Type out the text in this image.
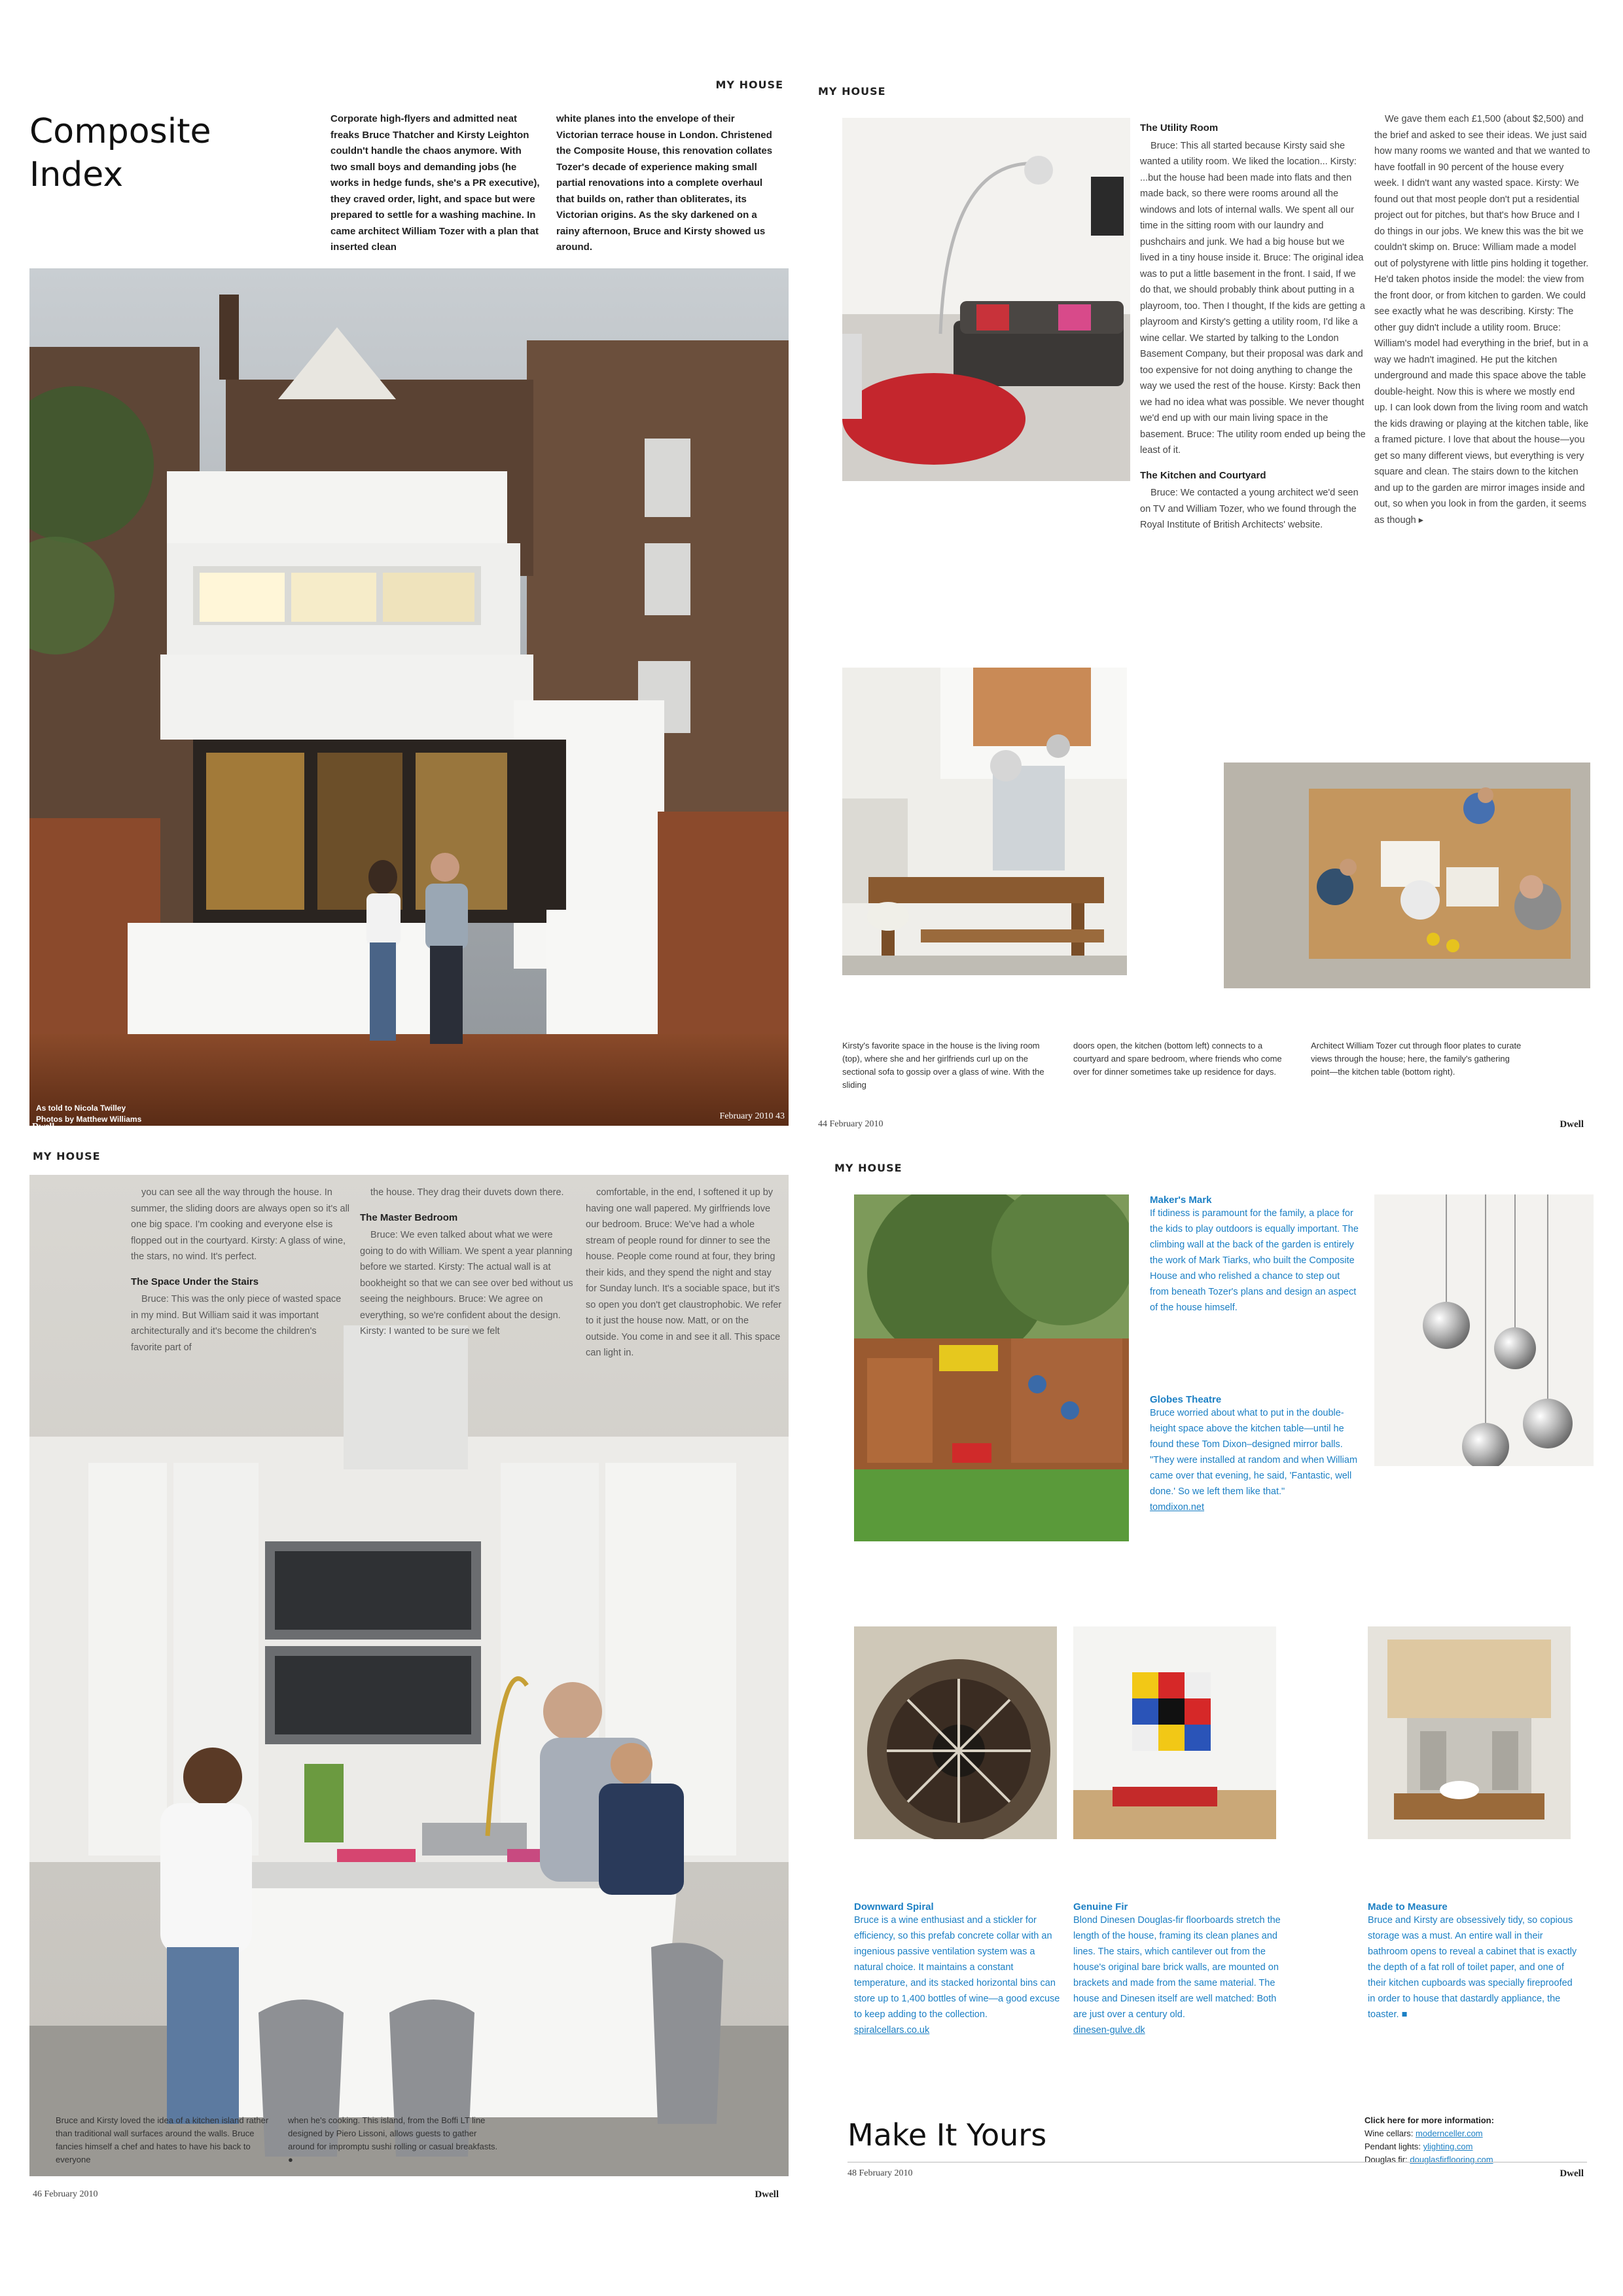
MY HOUSE
Composite
Index
Corporate high-flyers and admitted neat freaks Bruce Thatcher and Kirsty Leighton couldn't handle the chaos anymore. With two small boys and demanding jobs (he works in hedge funds, she's a PR executive), they craved order, light, and space but were prepared to settle for a washing machine. In came architect William Tozer with a plan that inserted clean
white planes into the envelope of their Victorian terrace house in London. Christened the Composite House, this renovation collates Tozer's decade of experience making small partial renovations into a complete overhaul that builds on, rather than obliterates, its Victorian origins. As the sky darkened on a rainy afternoon, Bruce and Kirsty showed us around.
As told to Nicola Twilley
Photos by Matthew Williams
Dwell
February 2010 43
MY HOUSE
The Utility Room

Bruce: This all started because Kirsty said she wanted a utility room. We liked the location... Kirsty: ...but the house had been made into flats and then made back, so there were rooms around all the windows and lots of internal walls. We spent all our time in the sitting room with our laundry and pushchairs and junk. We had a big house but we lived in a tiny house inside it. Bruce: The original idea was to put a little basement in the front. I said, If we do that, we should probably think about putting in a playroom, too. Then I thought, If the kids are getting a playroom and Kirsty's getting a utility room, I'd like a wine cellar. We started by talking to the London Basement Company, but their proposal was dark and too expensive for not doing anything to change the way we used the rest of the house. Kirsty: Back then we had no idea what was possible. We never thought we'd end up with our main living space in the basement. Bruce: The utility room ended up being the least of it.

The Kitchen and Courtyard

Bruce: We contacted a young architect we'd seen on TV and William Tozer, who we found through the Royal Institute of British Architects' website.

We gave them each £1,500 (about $2,500) and the brief and asked to see their ideas. We just said how many rooms we wanted and that we wanted to have footfall in 90 percent of the house every week. I didn't want any wasted space. Kirsty: We found out that most people don't put a residential project out for pitches, but that's how Bruce and I do things in our jobs. We knew this was the bit we couldn't skimp on. Bruce: William made a model out of polystyrene with little pins holding it together. He'd taken photos inside the model: the view from the front door, or from kitchen to garden. We could see exactly what he was describing. Kirsty: The other guy didn't include a utility room. Bruce: William's model had everything in the brief, but in a way we hadn't imagined. He put the kitchen underground and made this space above the table double-height. Now this is where we mostly end up. I can look down from the living room and watch the kids drawing or playing at the kitchen table, like a framed picture. I love that about the house—you get so many different views, but everything is very square and clean. The stairs down to the kitchen and up to the garden are mirror images inside and out, so when you look in from the garden, it seems as though ▸

Kirsty's favorite space in the house is the living room (top), where she and her girlfriends curl up on the sectional sofa to gossip over a glass of wine. With the sliding
doors open, the kitchen (bottom left) connects to a courtyard and spare bedroom, where friends who come over for dinner sometimes take up residence for days.
Architect William Tozer cut through floor plates to curate views through the house; here, the family's gathering point—the kitchen table (bottom right).
44 February 2010	Dwell
MY HOUSE

you can see all the way through the house. In summer, the sliding doors are always open so it's all one big space. I'm cooking and everyone else is flopped out in the courtyard. Kirsty: A glass of wine, the stars, no wind. It's perfect.

The Space Under the Stairs

Bruce: This was the only piece of wasted space in my mind. But William said it was important architecturally and it's become the children's favorite part of

the house. They drag their duvets down there.

The Master Bedroom

Bruce: We even talked about what we were going to do with William. We spent a year planning before we started. Kirsty: The actual wall is at bookheight so that we can see over bed without us seeing the neighbours. Bruce: We agree on everything, so we're confident about the design. Kirsty: I wanted to be sure we felt

comfortable, in the end, I softened it up by having one wall papered. My girlfriends love our bedroom. Bruce: We've had a whole stream of people round for dinner to see the house. People come round at four, they bring their kids, and they spend the night and stay for Sunday lunch. It's a sociable space, but it's so open you don't get claustrophobic. We refer to it just the house now. Matt, or on the outside. You come in and see it all. This space can light in.

Bruce and Kirsty loved the idea of a kitchen island rather than traditional wall surfaces around the walls. Bruce fancies himself a chef and hates to have his back to everyone
when he's cooking. This island, from the Boffi LT line designed by Piero Lissoni, allows guests to gather around for impromptu sushi rolling or casual breakfasts. ●
46 February 2010	Dwell
MY HOUSE
Maker's Mark
If tidiness is paramount for the family, a place for the kids to play outdoors is equally important. The climbing wall at the back of the garden is entirely the work of Mark Tiarks, who built the Composite House and who relished a chance to step out from beneath Tozer's plans and design an aspect of the house himself.
Globes Theatre
Bruce worried about what to put in the double-height space above the kitchen table—until he found these Tom Dixon–designed mirror balls. "They were installed at random and when William came over that evening, he said, 'Fantastic, well done.' So we left them like that."
tomdixon.net
Downward Spiral
Bruce is a wine enthusiast and a stickler for efficiency, so this prefab concrete collar with an ingenious passive ventilation system was a natural choice. It maintains a constant temperature, and its stacked horizontal bins can store up to 1,400 bottles of wine—a good excuse to keep adding to the collection.
spiralcellars.co.uk
Genuine Fir
Blond Dinesen Douglas-fir floorboards stretch the length of the house, framing its clean planes and lines. The stairs, which cantilever out from the house's original bare brick walls, are mounted on brackets and made from the same material. The house and Dinesen itself are well matched: Both are just over a century old.
dinesen-gulve.dk
Made to Measure
Bruce and Kirsty are obsessively tidy, so copious storage was a must. An entire wall in their bathroom opens to reveal a cabinet that is exactly the depth of a fat roll of toilet paper, and one of their kitchen cupboards was specially fireproofed in order to house that dastardly appliance, the toaster. ■
Make It Yours	Click here for more information:
Wine cellars: modernceller.com
Pendant lights: ylighting.com
Douglas fir: douglasfirflooring.com
48 February 2010	Dwell
